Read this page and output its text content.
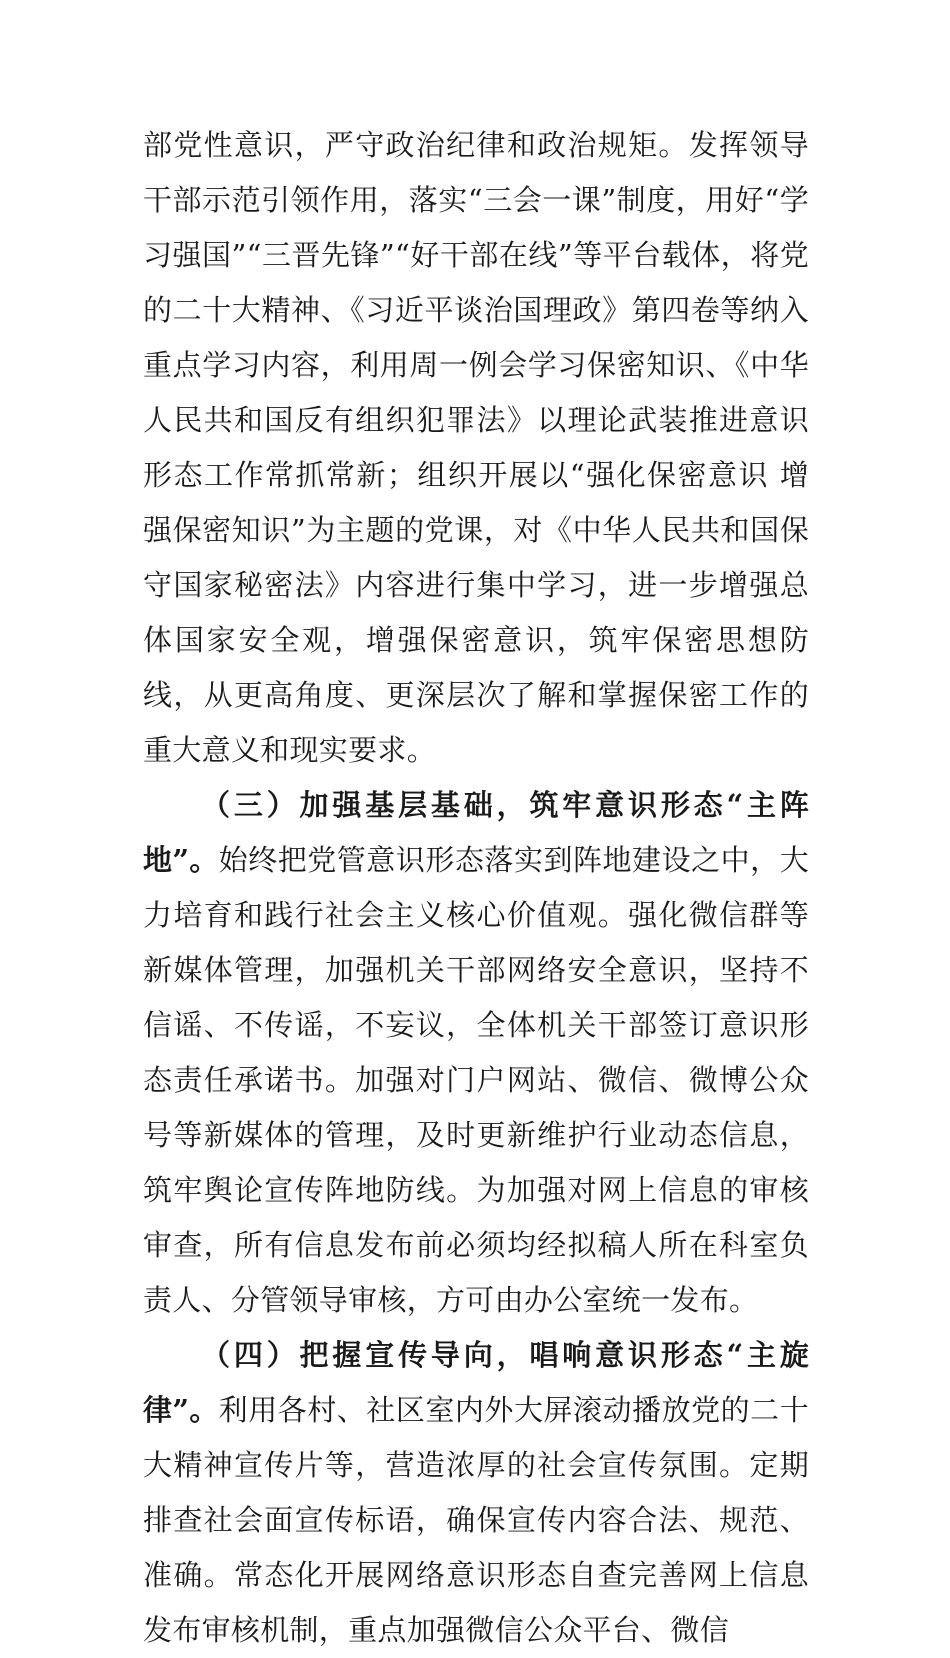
部党性意识，严守政治纪律和政治规矩。发挥领导干部示范引领作用，落实“三会一课”制度，用好“学习强国”“三晋先锋”“好干部在线”等平台载体，将党的二十大精神、《习近平谈治国理政》第四卷等纳入重点学习内容，利用周一例会学习保密知识、《中华人民共和国反有组织犯罪法》以理论武装推进意识形态工作常抓常新；组织开展以“强化保密意识 增强保密知识”为主题的党课，对《中华人民共和国保守国家秘密法》内容进行集中学习，进一步增强总体国家安全观，增强保密意识，筑牢保密思想防线，从更高角度、更深层次了解和掌握保密工作的重大意义和现实要求。

（三）加强基层基础，筑牢意识形态“主阵地”。始终把党管意识形态落实到阵地建设之中，大力培育和践行社会主义核心价值观。强化微信群等新媒体管理，加强机关干部网络安全意识，坚持不信谣、不传谣，不妄议，全体机关干部签订意识形态责任承诺书。加强对门户网站、微信、微博公众号等新媒体的管理，及时更新维护行业动态信息，筑牢舆论宣传阵地防线。为加强对网上信息的审核审查，所有信息发布前必须均经拟稿人所在科室负责人、分管领导审核，方可由办公室统一发布。

（四）把握宣传导向，唱响意识形态“主旋律”。利用各村、社区室内外大屏滚动播放党的二十大精神宣传片等，营造浓厚的社会宣传氛围。定期排查社会面宣传标语，确保宣传内容合法、规范、准确。常态化开展网络意识形态自查完善网上信息发布审核机制，重点加强微信公众平台、微信
